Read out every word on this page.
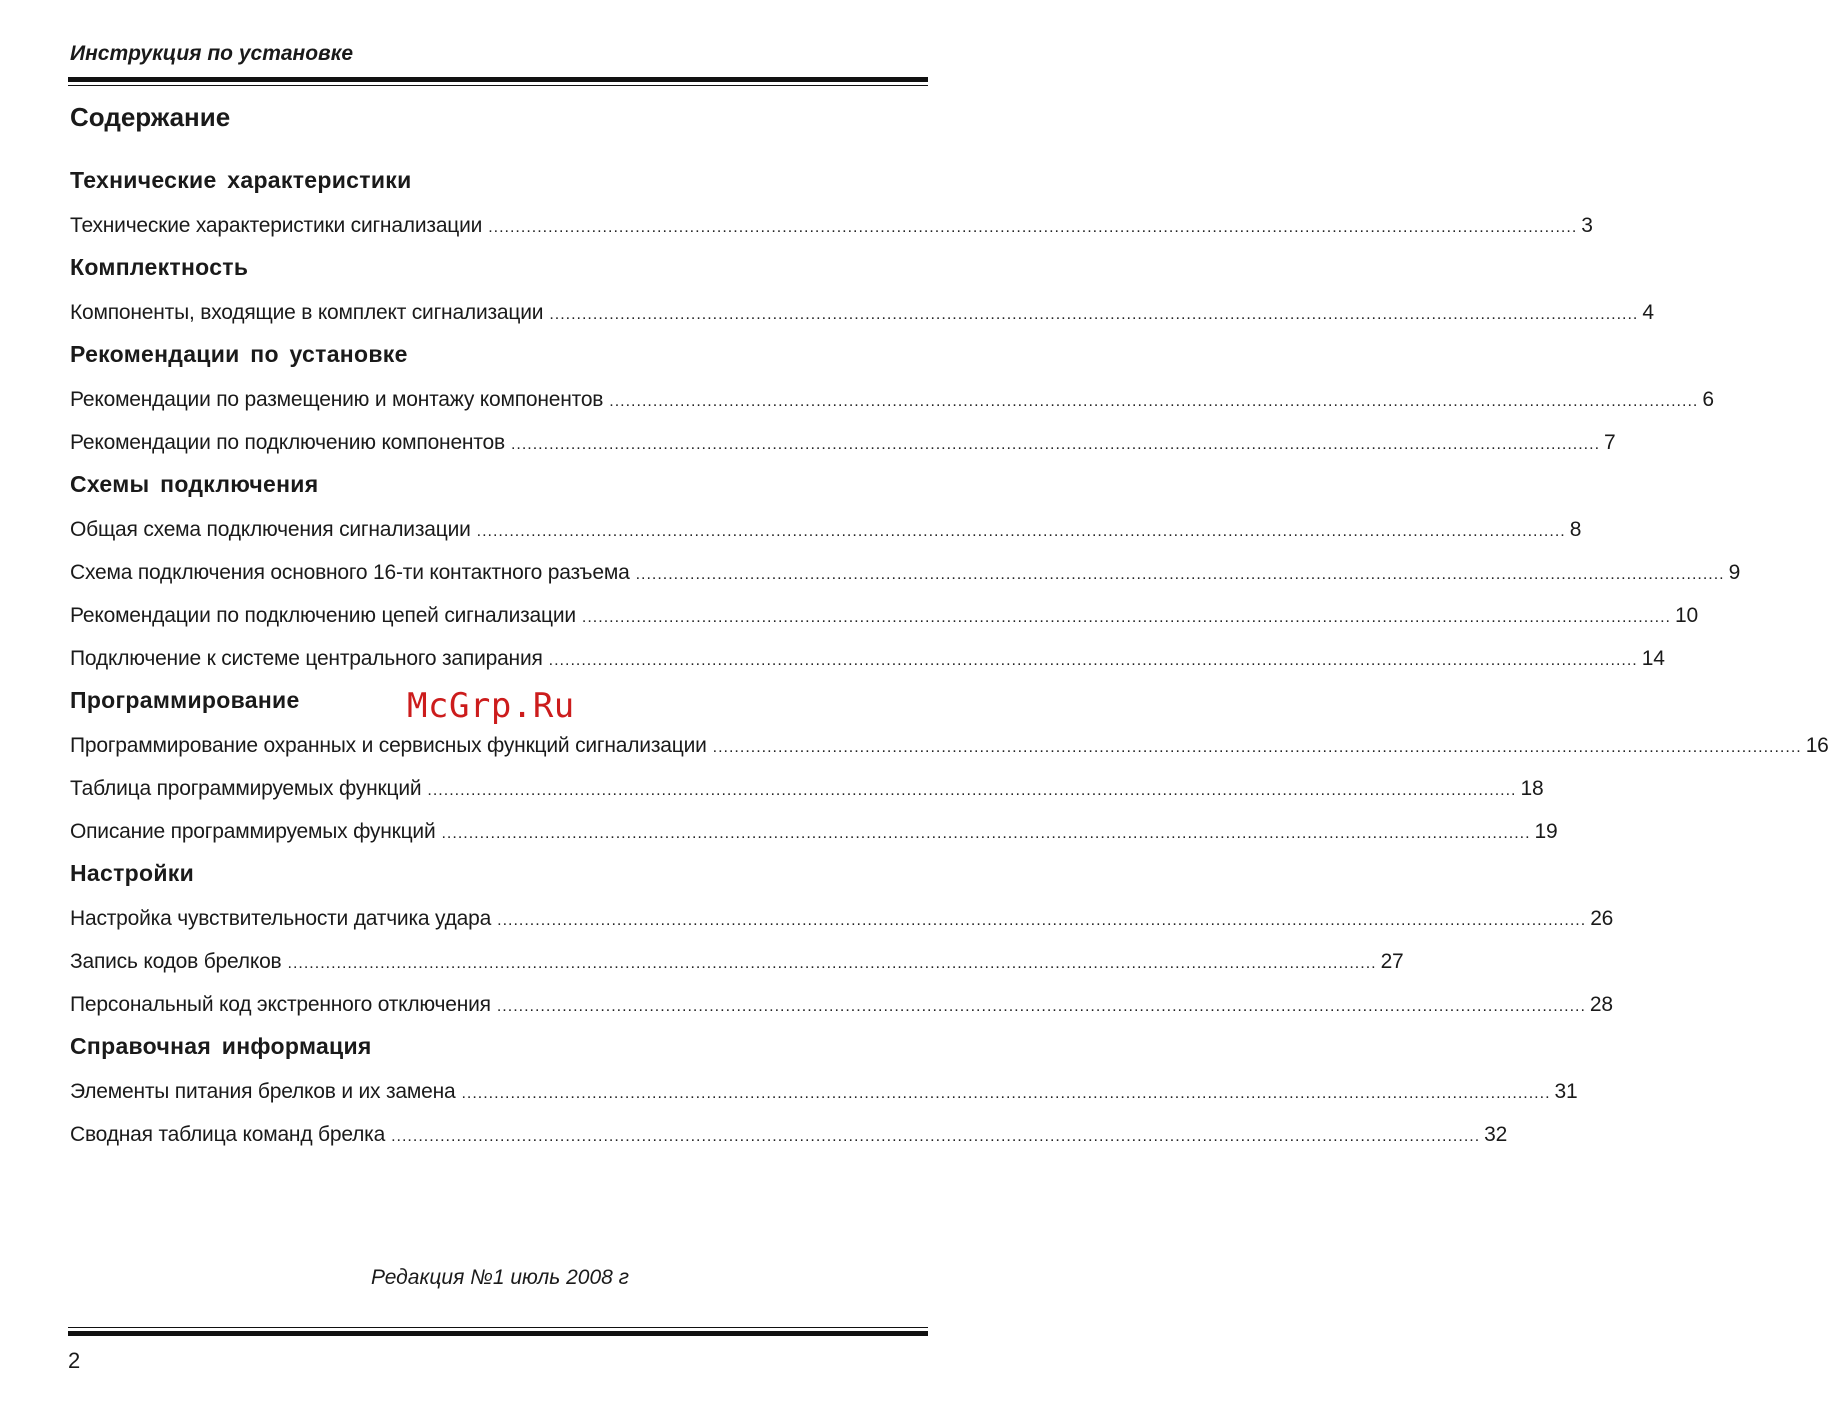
Инструкция по установке
Содержание
Технические характеристики
Технические характеристики сигнализации ........................................................................................................................................................................................................ 3
Комплектность
Компоненты, входящие в комплект сигнализации ........................................................................................................................................................................................................ 4
Рекомендации по установке
Рекомендации по размещению и монтажу компонентов ........................................................................................................................................................................................................ 6
Рекомендации по подключению компонентов ........................................................................................................................................................................................................ 7
Схемы подключения
Общая схема подключения сигнализации ........................................................................................................................................................................................................ 8
Схема подключения основного 16-ти контактного разъема ........................................................................................................................................................................................................ 9
Рекомендации по подключению цепей сигнализации ........................................................................................................................................................................................................ 10
Подключение к системе центрального запирания ........................................................................................................................................................................................................ 14
Программирование
Программирование охранных и сервисных функций сигнализации ........................................................................................................................................................................................................ 16
Таблица программируемых функций ........................................................................................................................................................................................................ 18
Описание программируемых функций ........................................................................................................................................................................................................ 19
Настройки
Настройка чувствительности датчика удара ........................................................................................................................................................................................................ 26
Запись кодов брелков ........................................................................................................................................................................................................ 27
Персональный код экстренного отключения ........................................................................................................................................................................................................ 28
Справочная информация
Элементы питания брелков и их замена ........................................................................................................................................................................................................ 31
Сводная таблица команд брелка ........................................................................................................................................................................................................ 32
McGrp.Ru
Редакция №1 июль 2008 г
2
